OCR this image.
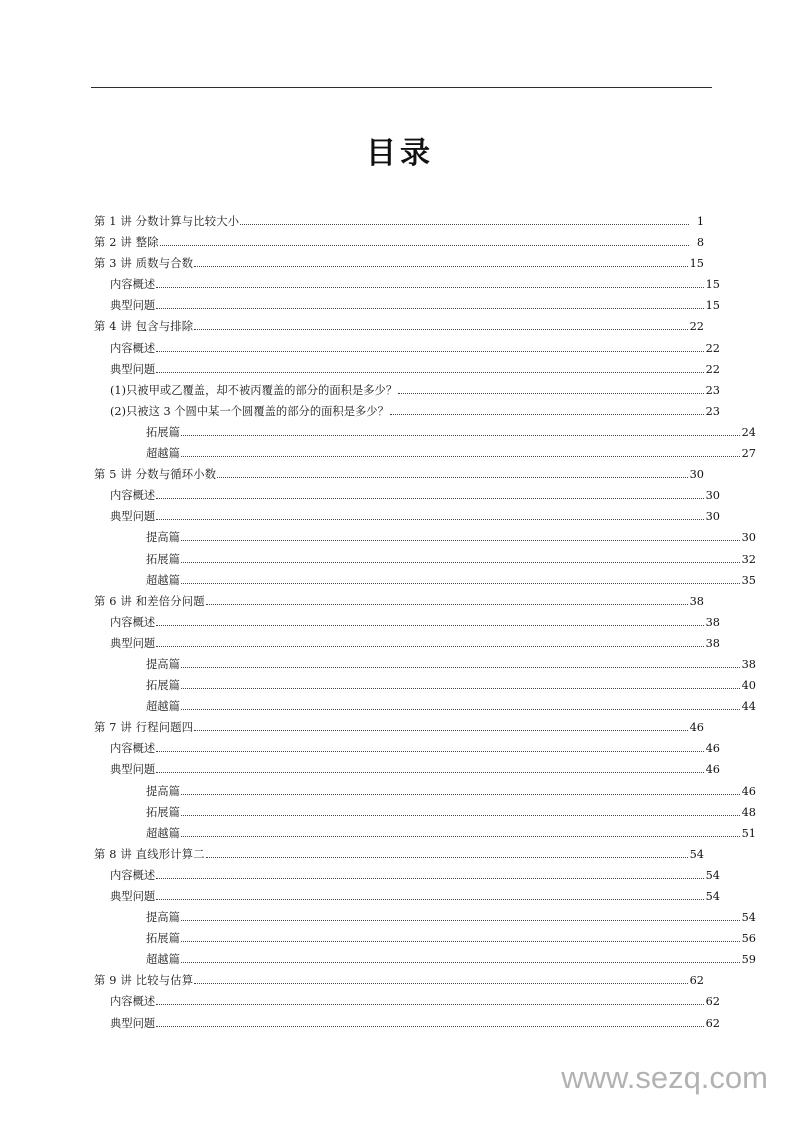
目录
第 1 讲 分数计算与比较大小	1
第 2 讲 整除	8
第 3 讲 质数与合数	15
内容概述	15
典型问题	15
第 4 讲 包含与排除	22
内容概述	22
典型问题	22
(1)只被甲或乙覆盖，却不被丙覆盖的部分的面积是多少？	23
(2)只被这 3 个圆中某一个圆覆盖的部分的面积是多少？	23
拓展篇	24
超越篇	27
第 5 讲 分数与循环小数	30
内容概述	30
典型问题	30
提高篇	30
拓展篇	32
超越篇	35
第 6 讲 和差倍分问题	38
内容概述	38
典型问题	38
提高篇	38
拓展篇	40
超越篇	44
第 7 讲 行程问题四	46
内容概述	46
典型问题	46
提高篇	46
拓展篇	48
超越篇	51
第 8 讲 直线形计算二	54
内容概述	54
典型问题	54
提高篇	54
拓展篇	56
超越篇	59
第 9 讲 比较与估算	62
内容概述	62
典型问题	62
www.sezq.com
